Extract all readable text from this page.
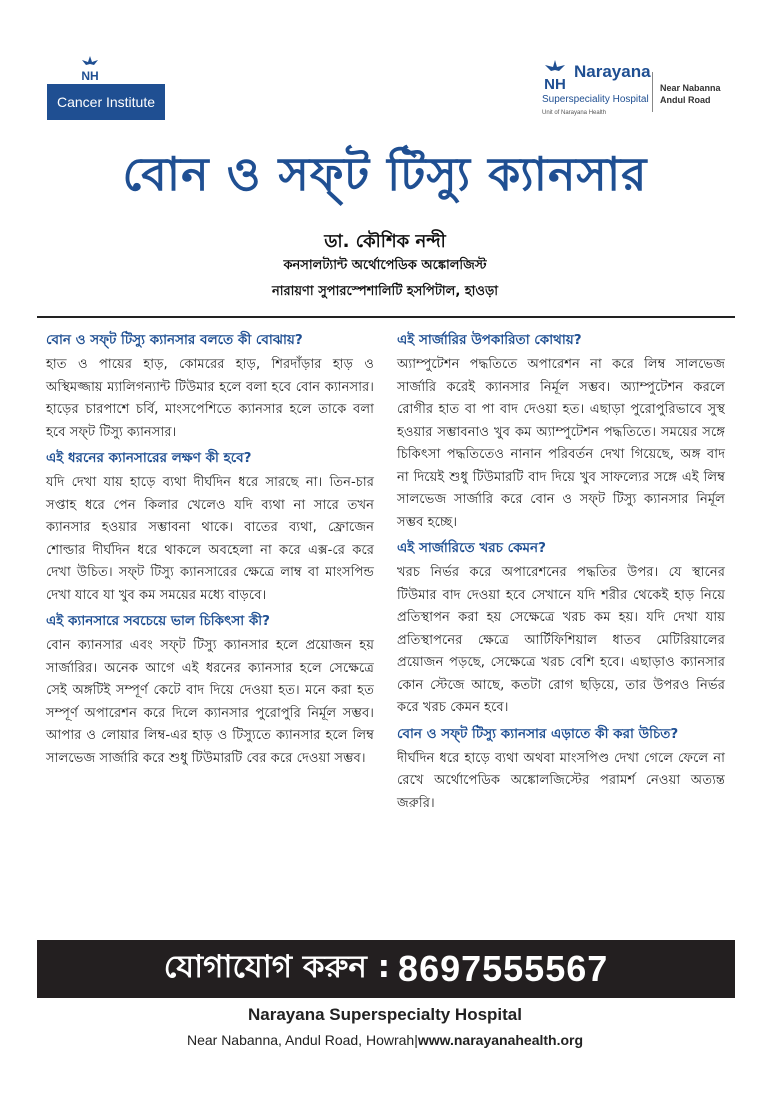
NH
Cancer Institute
NH
Narayana
Superspeciality Hospital
Unit of Narayana Health
Near Nabanna
Andul Road
বোন ও সফ্‌ট টিস্যু ক্যানসার
ডা. কৌশিক নন্দী
কনসালট্যান্ট অর্থোপেডিক অঙ্কোলজিস্ট
নারায়ণা সুপারস্পেশালিটি হসপিটাল, হাওড়া

বোন ও সফ্‌ট টিস্যু ক্যানসার বলতে কী বোঝায়?

হাত ও পায়ের হাড়, কোমরের হাড়, শিরদাঁড়ার হাড় ও অস্থিমজ্জায় ম্যালিগন্যান্ট টিউমার হলে বলা হবে বোন ক্যানসার। হাড়ের চারপাশে চর্বি, মাংসপেশিতে ক্যানসার হলে তাকে বলা হবে সফ্‌ট টিস্যু ক্যানসার।

এই ধরনের ক্যানসারের লক্ষণ কী হবে?

যদি দেখা যায় হাড়ে ব্যথা দীর্ঘদিন ধরে সারছে না। তিন-চার সপ্তাহ ধরে পেন কিলার খেলেও যদি ব্যথা না সারে তখন ক্যানসার হওয়ার সম্ভাবনা থাকে। বাতের ব্যথা, ফ্রোজেন শোল্ডার দীর্ঘদিন ধরে থাকলে অবহেলা না করে এক্স-রে করে দেখা উচিত। সফ্‌ট টিস্যু ক্যানসারের ক্ষেত্রে লাম্ব বা মাংসপিন্ড দেখা যাবে যা খুব কম সময়ের মধ্যে বাড়বে।

এই ক্যানসারে সবচেয়ে ভাল চিকিৎসা কী?

বোন ক্যানসার এবং সফ্‌ট টিস্যু ক্যানসার হলে প্রয়োজন হয় সার্জারির। অনেক আগে এই ধরনের ক্যানসার হলে সেক্ষেত্রে সেই অঙ্গটিই সম্পূর্ণ কেটে বাদ দিয়ে দেওয়া হত। মনে করা হত সম্পূর্ণ অপারেশন করে দিলে ক্যানসার পুরোপুরি নির্মূল সম্ভব। আপার ও লোয়ার লিম্ব-এর হাড় ও টিস্যুতে ক্যানসার হলে লিম্ব সালভেজ সার্জারি করে শুধু টিউমারটি বের করে দেওয়া সম্ভব।

এই সার্জারির উপকারিতা কোথায়?

অ্যাম্পুটেশন পদ্ধতিতে অপারেশন না করে লিম্ব সালভেজ সার্জারি করেই ক্যানসার নির্মূল সম্ভব। অ্যাম্পুটেশন করলে রোগীর হাত বা পা বাদ দেওয়া হত। এছাড়া পুরোপুরিভাবে সুস্থ হওয়ার সম্ভাবনাও খুব কম অ্যাম্পুটেশন পদ্ধতিতে। সময়ের সঙ্গে চিকিৎসা পদ্ধতিতেও নানান পরিবর্তন দেখা গিয়েছে, অঙ্গ বাদ না দিয়েই শুধু টিউমারটি বাদ দিয়ে খুব সাফল্যের সঙ্গে এই লিম্ব সালভেজ সার্জারি করে বোন ও সফ্‌ট টিস্যু ক্যানসার নির্মূল সম্ভব হচ্ছে।

এই সার্জারিতে খরচ কেমন?

খরচ নির্ভর করে অপারেশনের পদ্ধতির উপর। যে স্থানের টিউমার বাদ দেওয়া হবে সেখানে যদি শরীর থেকেই হাড় নিয়ে প্রতিস্থাপন করা হয় সেক্ষেত্রে খরচ কম হয়। যদি দেখা যায় প্রতিস্থাপনের ক্ষেত্রে আর্টিফিশিয়াল ধাতব মেটিরিয়ালের প্রয়োজন পড়ছে, সেক্ষেত্রে খরচ বেশি হবে। এছাড়াও ক্যানসার কোন স্টেজে আছে, কতটা রোগ ছড়িয়ে, তার উপরও নির্ভর করে খরচ কেমন হবে।

বোন ও সফ্‌ট টিস্যু ক্যানসার এড়াতে কী করা উচিত?

দীর্ঘদিন ধরে হাড়ে ব্যথা অথবা মাংসপিণ্ড দেখা গেলে ফেলে না রেখে অর্থোপেডিক অঙ্কোলজিস্টের পরামর্শ নেওয়া অত্যন্ত জরুরি।

যোগাযোগ করুন : 8697555567
Narayana Superspecialty Hospital
Near Nabanna, Andul Road, Howrah|www.narayanahealth.org
